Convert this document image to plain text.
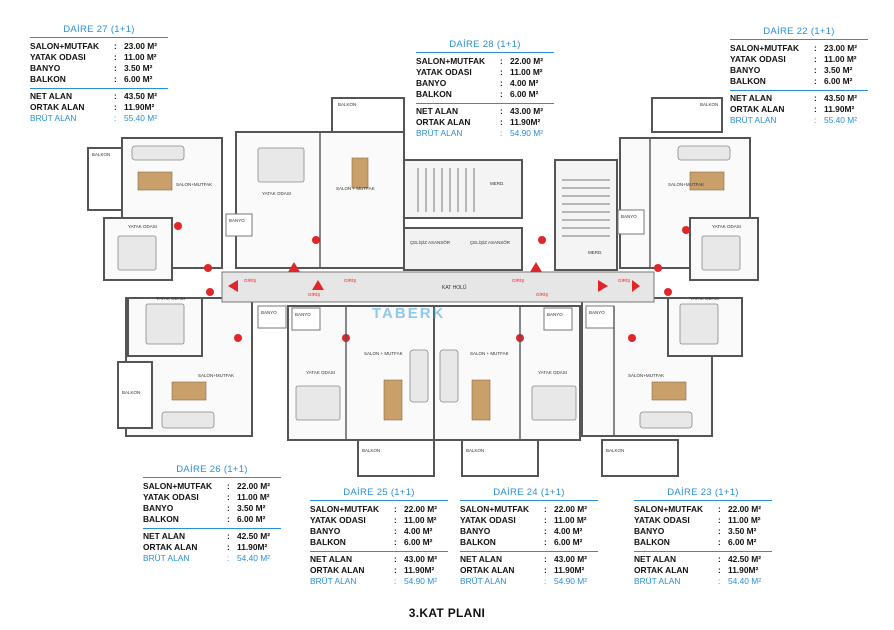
KAT HOLÜ
GİRİŞ
GİRİŞ
GİRİŞ	GİRİŞ
GİRİŞ
GİRİŞ
ÇELİŞİZ ASANSÖR	ÇELİŞİZ ASANSÖR
MERD.
MERD.
SALON+MUTFAK
SALON + MUTFAK
SALON+MUTFAK
SALON+MUTFAK
SALON + MUTFAK	SALON + MUTFAK
SALON+MUTFAK
YATAK ODASI
YATAK ODASI
YATAK ODASI
YATAK ODASI
YATAK ODASI	YATAK ODASI
YATAK ODASI
BANYO
BANYO
BANYO	BANYO	BANYO	BANYO
BALKON
BALKON	BALKON
BALKON
BALKON	BALKON	BALKON
TABERK
DAİRE 27 (1+1)
SALON+MUTFAK	: 23.00 M²
YATAK ODASI	: 11.00 M²
BANYO	: 3.50 M²
BALKON	: 6.00 M²
NET ALAN	: 43.50 M²
ORTAK ALAN	: 11.90M²
BRÜT ALAN	: 55.40 M²
DAİRE 28 (1+1)
SALON+MUTFAK	: 22.00 M²
YATAK ODASI	: 11.00 M²
BANYO	: 4.00 M²
BALKON	: 6.00 M²
NET ALAN	: 43.00 M²
ORTAK ALAN	: 11.90M²
BRÜT ALAN	: 54.90 M²
DAİRE 22 (1+1)
SALON+MUTFAK	: 23.00 M²
YATAK ODASI	: 11.00 M²
BANYO	: 3.50 M²
BALKON	: 6.00 M²
NET ALAN	: 43.50 M²
ORTAK ALAN	: 11.90M²
BRÜT ALAN	: 55.40 M²
DAİRE 26 (1+1)
SALON+MUTFAK	: 22.00 M²
YATAK ODASI	: 11.00 M²
BANYO	: 3.50 M²
BALKON	: 6.00 M²
NET ALAN	: 42.50 M²
ORTAK ALAN	: 11.90M²
BRÜT ALAN	: 54.40 M²
DAİRE 25 (1+1)
SALON+MUTFAK	: 22.00 M²
YATAK ODASI	: 11.00 M²
BANYO	: 4.00 M²
BALKON	: 6.00 M²
NET ALAN	: 43.00 M²
ORTAK ALAN	: 11.90M²
BRÜT ALAN	: 54.90 M²
DAİRE 24 (1+1)
SALON+MUTFAK	: 22.00 M²
YATAK ODASI	: 11.00 M²
BANYO	: 4.00 M²
BALKON	: 6.00 M²
NET ALAN	: 43.00 M²
ORTAK ALAN	: 11.90M²
BRÜT ALAN	: 54.90 M²
DAİRE 23 (1+1)
SALON+MUTFAK	: 22.00 M²
YATAK ODASI	: 11.00 M²
BANYO	: 3.50 M²
BALKON	: 6.00 M²
NET ALAN	: 42.50 M²
ORTAK ALAN	: 11.90M²
BRÜT ALAN	: 54.40 M²
3.KAT PLANI
